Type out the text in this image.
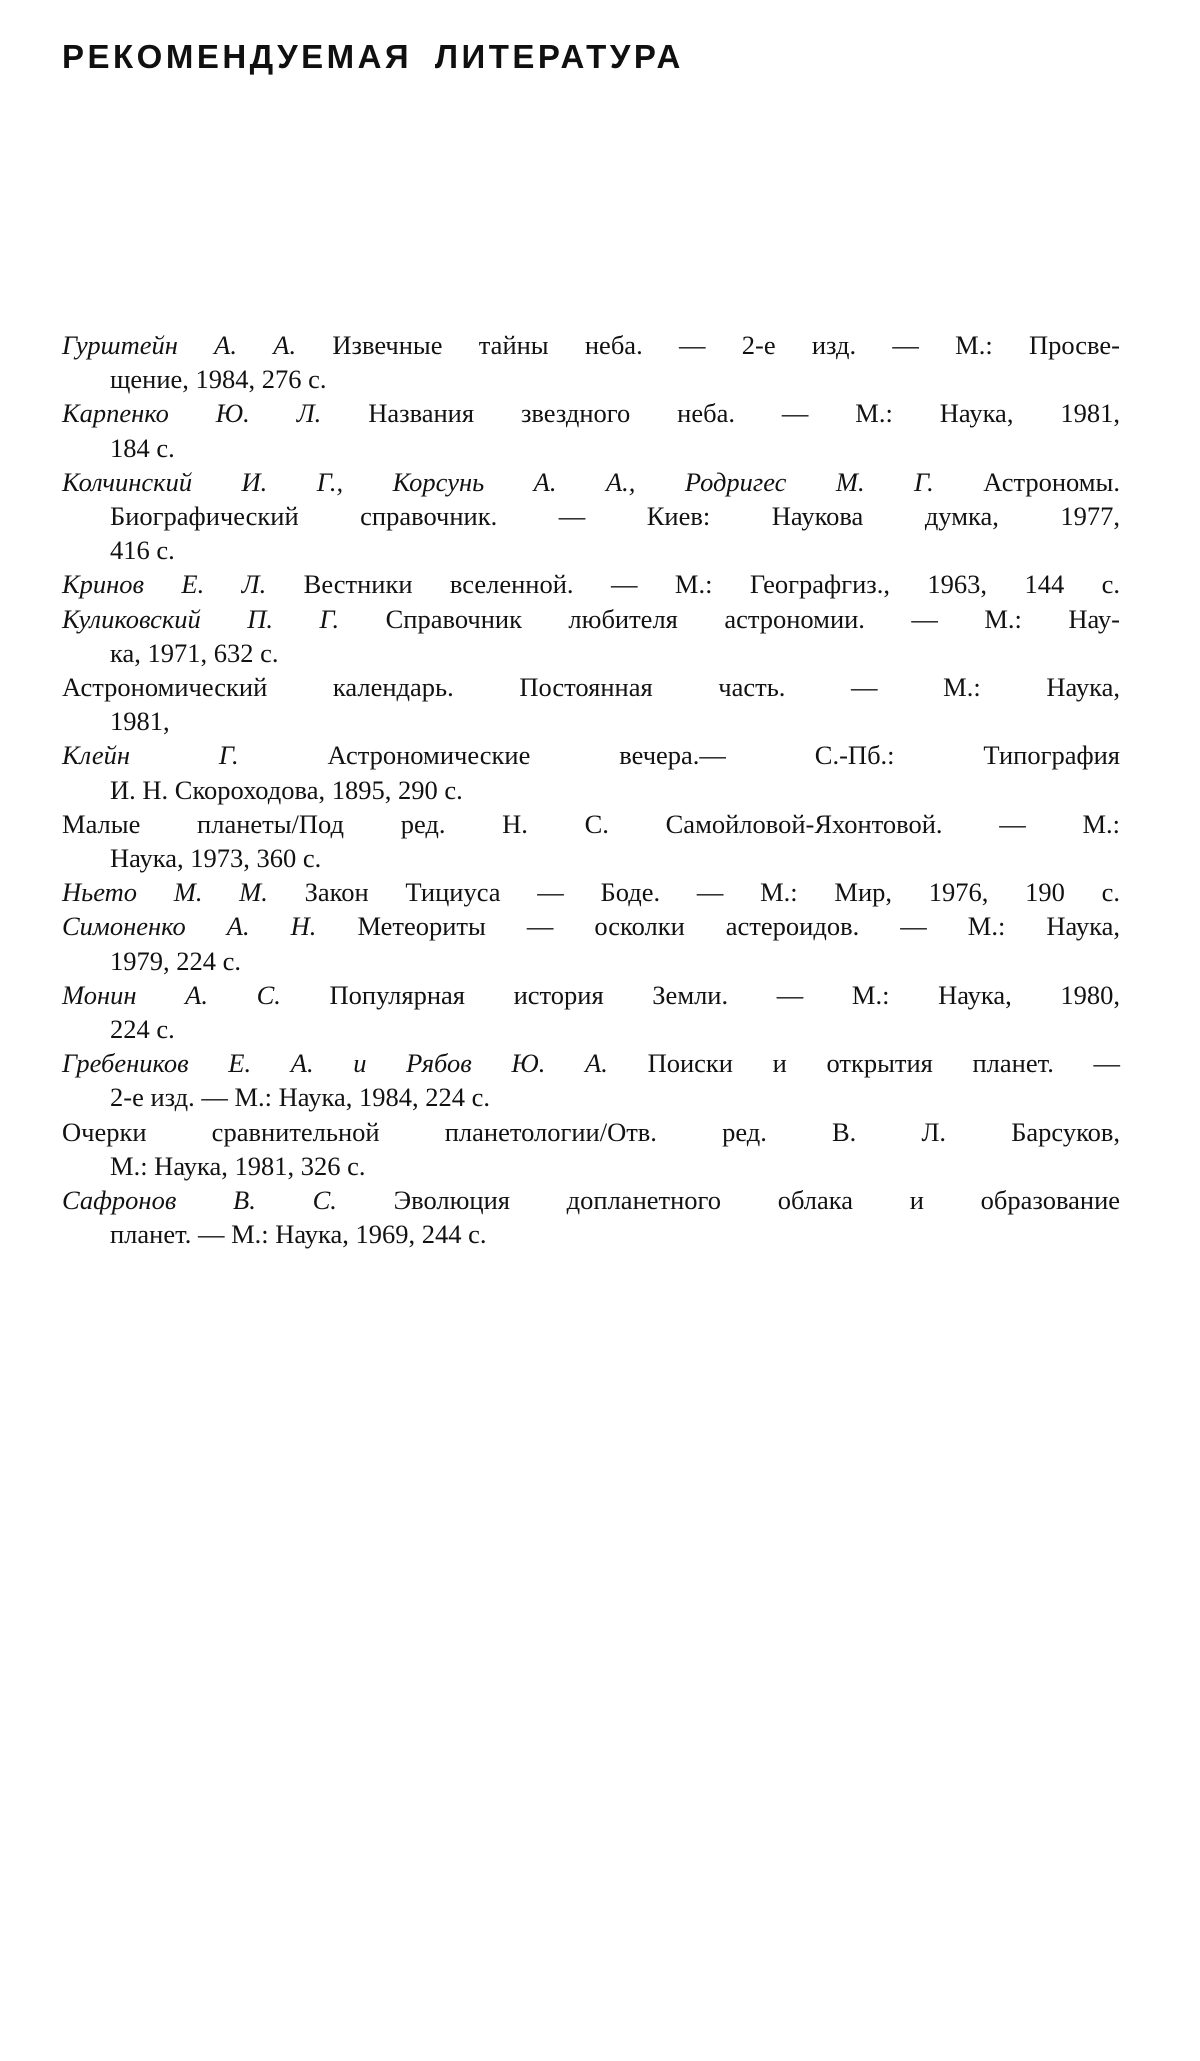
РЕКОМЕНДУЕМАЯ ЛИТЕРАТУРА
Гурштейн А. А. Извечные тайны неба. — 2-е изд. — М.: Просве-
щение, 1984, 276 с.
Карпенко Ю. Л. Названия звездного неба. — М.: Наука, 1981,
184 с.
Колчинский И. Г., Корсунь А. А., Родригес М. Г. Астрономы.
Биографический справочник. — Киев: Наукова думка, 1977,
416 с.
Кринов Е. Л. Вестники вселенной. — М.: Географгиз., 1963, 144 с.
Куликовский П. Г. Справочник любителя астрономии. — М.: Нау-
ка, 1971, 632 с.
Астрономический календарь. Постоянная часть. — М.: Наука,
1981,
Клейн Г.	Астрономические вечера.— С.-Пб.: Типография
И. Н. Скороходова, 1895, 290 с.
Малые планеты/Под ред. Н. С. Самойловой-Яхонтовой. — М.:
Наука, 1973, 360 с.
Ньето М. М. Закон Тициуса — Боде. — М.: Мир, 1976, 190 с.
Симоненко А. Н. Метеориты — осколки астероидов. — М.: Наука,
1979, 224 с.
Монин А. С. Популярная история Земли. — М.: Наука, 1980,
224 с.
Гребеников Е. А. и Рябов Ю. А. Поиски и открытия планет. —
2-е изд. — М.: Наука, 1984, 224 с.
Очерки сравнительной планетологии/Отв. ред. В. Л. Барсуков,
М.: Наука, 1981, 326 с.
Сафронов В. С. Эволюция допланетного облака и образование
планет. — М.: Наука, 1969, 244 с.
